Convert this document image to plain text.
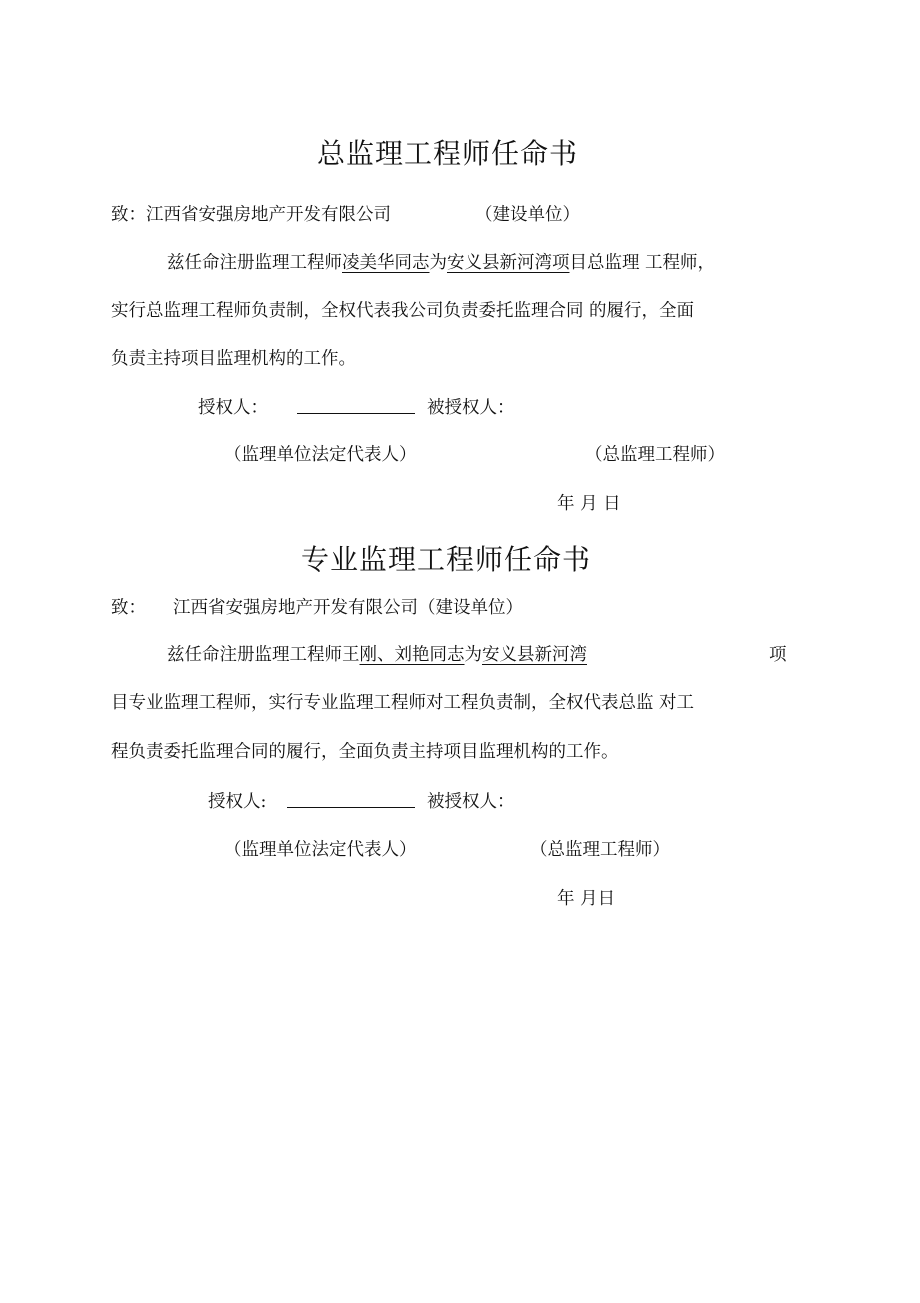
总监理工程师任命书
致：江西省安强房地产开发有限公司	（建设单位）
兹任命注册监理工程师凌美华同志为安义县新河湾项目总监理 工程师，
实行总监理工程师负责制，全权代表我公司负责委托监理合同 的履行，全面
负责主持项目监理机构的工作。
授权人：	被授权人：
（监理单位法定代表人）	（总监理工程师）
年 月 日
专业监理工程师任命书
致： 江西省安强房地产开发有限公司（建设单位）
兹任命注册监理工程师王刚、刘艳同志为安义县新河湾	项
目专业监理工程师，实行专业监理工程师对工程负责制，全权代表总监 对工
程负责委托监理合同的履行，全面负责主持项目监理机构的工作。
授权人:	被授权人：
（监理单位法定代表人）	（总监理工程师）
年 月日
